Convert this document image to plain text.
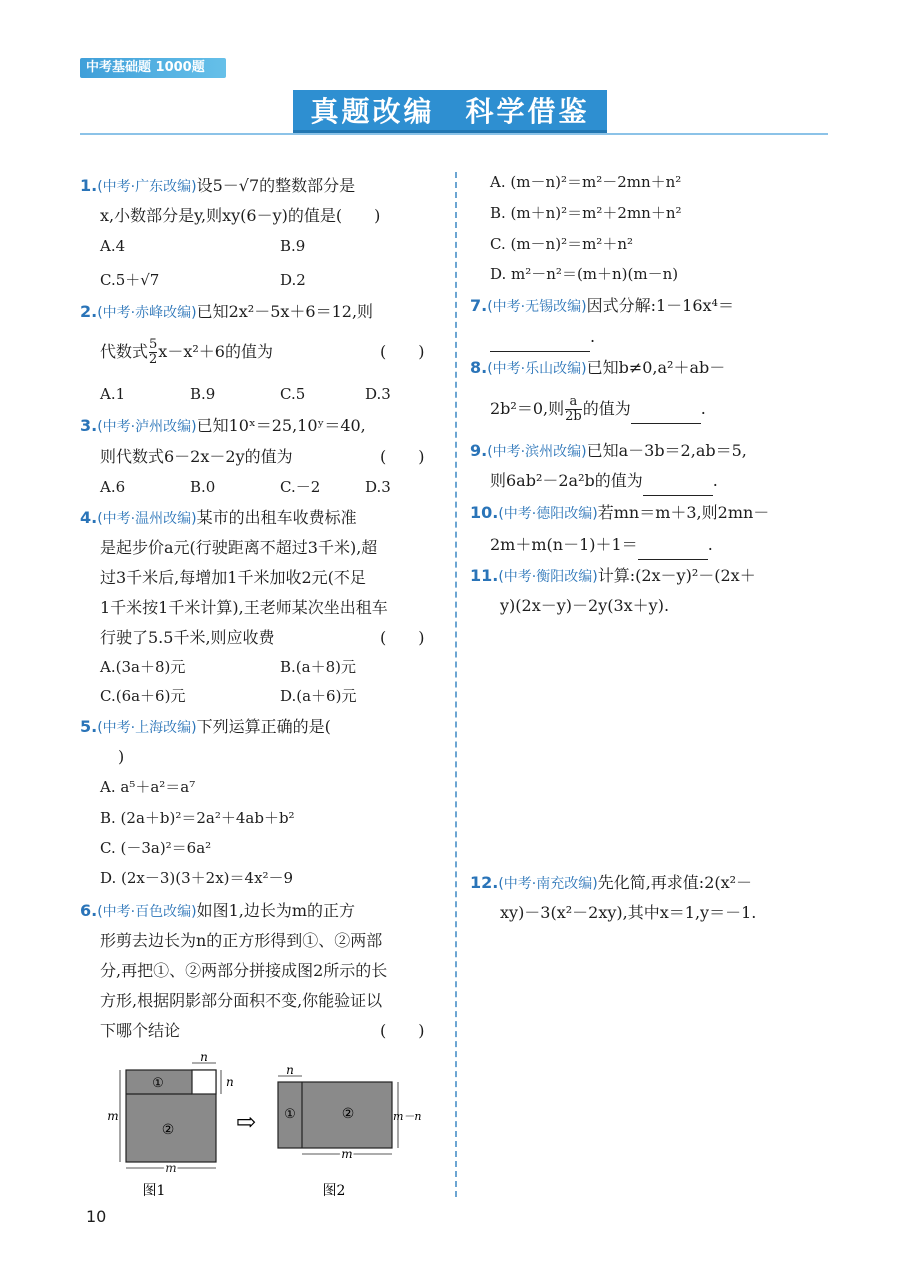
中考基础题 1000题
真题改编　科学借鉴
1.(中考·广东改编)设5－√7的整数部分是
x,小数部分是y,则xy(6－y)的值是(　　)
A.4	B.9
C.5＋√7	D.2
2.(中考·赤峰改编)已知2x²－5x＋6＝12,则
代数式 $\frac{5}{2} x-x^2+6$的值为	(　　)
A.1	B.9	C.5	D.3
3.(中考·泸州改编)已知10ˣ＝25,10ʸ＝40,
则代数式6－2x－2y的值为	(　　)
A.6	B.0	C.－2	D.3
4.(中考·温州改编)某市的出租车收费标准
是起步价a元(行驶距离不超过3千米),超
过3千米后,每增加1千米加收2元(不足
1千米按1千米计算),王老师某次坐出租车
行驶了5.5千米,则应收费	(　　)
A.(3a＋8)元	B.(a＋8)元
C.(6a＋6)元	D.(a＋6)元
5.(中考·上海改编)下列运算正确的是(
)
A. a⁵＋a²＝a⁷
B. (2a＋b)²＝2a²＋4ab＋b²
C. (－3a)²＝6a²
D. (2x－3)(3＋2x)＝4x²－9
6.(中考·百色改编)如图1,边长为m的正方
形剪去边长为n的正方形得到①、②两部
分,再把①、②两部分拼接成图2所示的长
方形,根据阴影部分面积不变,你能验证以
下哪个结论	(　　)
①
②
n
n
m
m
图1
⇨ ①	②
n
m－n
m
图2
A. (m－n)²＝m²－2mn＋n²
B. (m＋n)²＝m²＋2mn＋n²
C. (m－n)²＝m²＋n²
D. m²－n²＝(m＋n)(m－n)
7.(中考·无锡改编)因式分解:1－16x⁴＝
.
8.(中考·乐山改编)已知b≠0,a²＋ab－
2b²＝0,则 $\frac{a}{2b}$ 的值为	.
9.(中考·滨州改编)已知a－3b＝2,ab＝5,
则6ab²－2a²b的值为	.
10.(中考·德阳改编)若mn＝m＋3,则2mn－
2m＋m(n－1)＋1＝	.
11.(中考·衡阳改编)计算:(2x－y)²－(2x＋
y)(2x－y)－2y(3x＋y).
12.(中考·南充改编)先化简,再求值:2(x²－
xy)－3(x²－2xy),其中x＝1,y＝－1.
10
